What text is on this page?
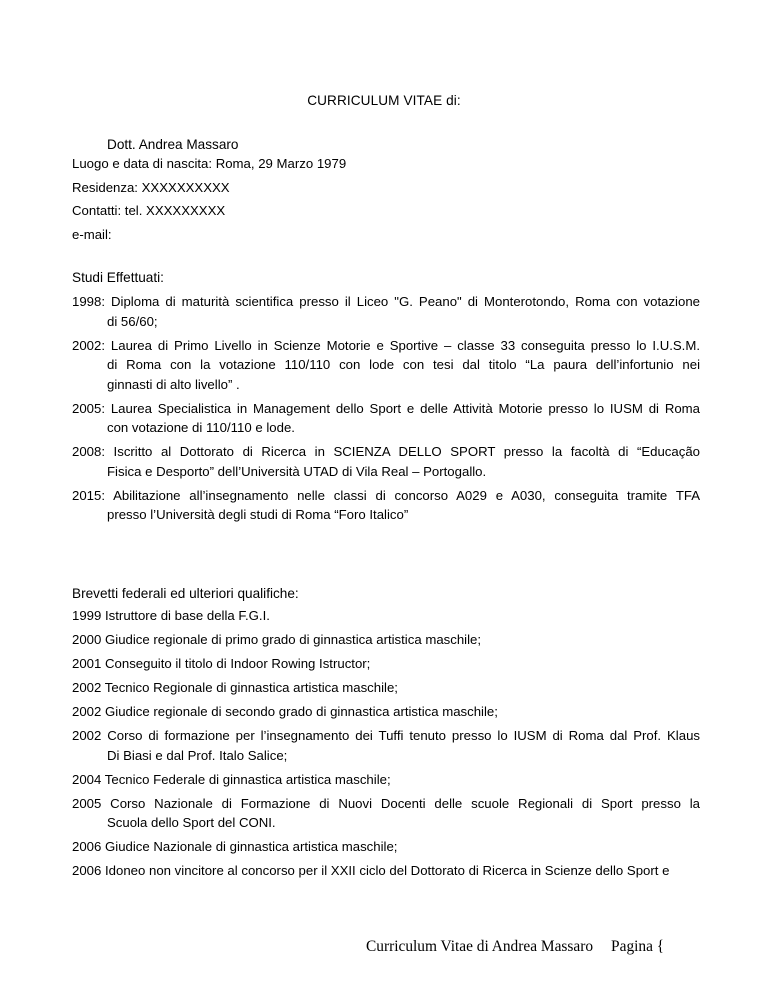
CURRICULUM VITAE di:
Dott. Andrea Massaro
Luogo e data di nascita: Roma, 29 Marzo 1979
Residenza: XXXXXXXXXX
Contatti: tel. XXXXXXXXX
e-mail:
Studi Effettuati:
1998: Diploma di maturità scientifica presso il Liceo "G. Peano" di Monterotondo, Roma con votazione
di 56/60;
2002: Laurea di Primo Livello in Scienze Motorie e Sportive – classe 33 conseguita presso lo I.U.S.M.
di Roma con la votazione 110/110 con lode con tesi dal titolo “La paura dell’infortunio nei
ginnasti di alto livello” .
2005: Laurea Specialistica in Management dello Sport e delle Attività Motorie presso lo IUSM di Roma
con votazione di 110/110 e lode.
2008: Iscritto al Dottorato di Ricerca in SCIENZA DELLO SPORT presso la facoltà di “Educação
Fisica e Desporto” dell’Università UTAD di Vila Real – Portogallo.
2015: Abilitazione all’insegnamento nelle classi di concorso A029 e A030, conseguita tramite TFA
presso l’Università degli studi di Roma “Foro Italico”
Brevetti federali ed ulteriori qualifiche:
1999 Istruttore di base della F.G.I.
2000 Giudice regionale di primo grado di ginnastica artistica maschile;
2001 Conseguito il titolo di Indoor Rowing Istructor;
2002 Tecnico Regionale di ginnastica artistica maschile;
2002 Giudice regionale di secondo grado di ginnastica artistica maschile;
2002 Corso di formazione per l’insegnamento dei Tuffi tenuto presso lo IUSM di Roma dal Prof. Klaus
Di Biasi e dal Prof. Italo Salice;
2004 Tecnico Federale di ginnastica artistica maschile;
2005 Corso Nazionale di Formazione di Nuovi Docenti delle scuole Regionali di Sport presso la
Scuola dello Sport del CONI.
2006 Giudice Nazionale di ginnastica artistica maschile;
2006 Idoneo non vincitore al concorso per il XXII ciclo del Dottorato di Ricerca in Scienze dello Sport e
Curriculum Vitae di Andrea Massaro Pagina {
